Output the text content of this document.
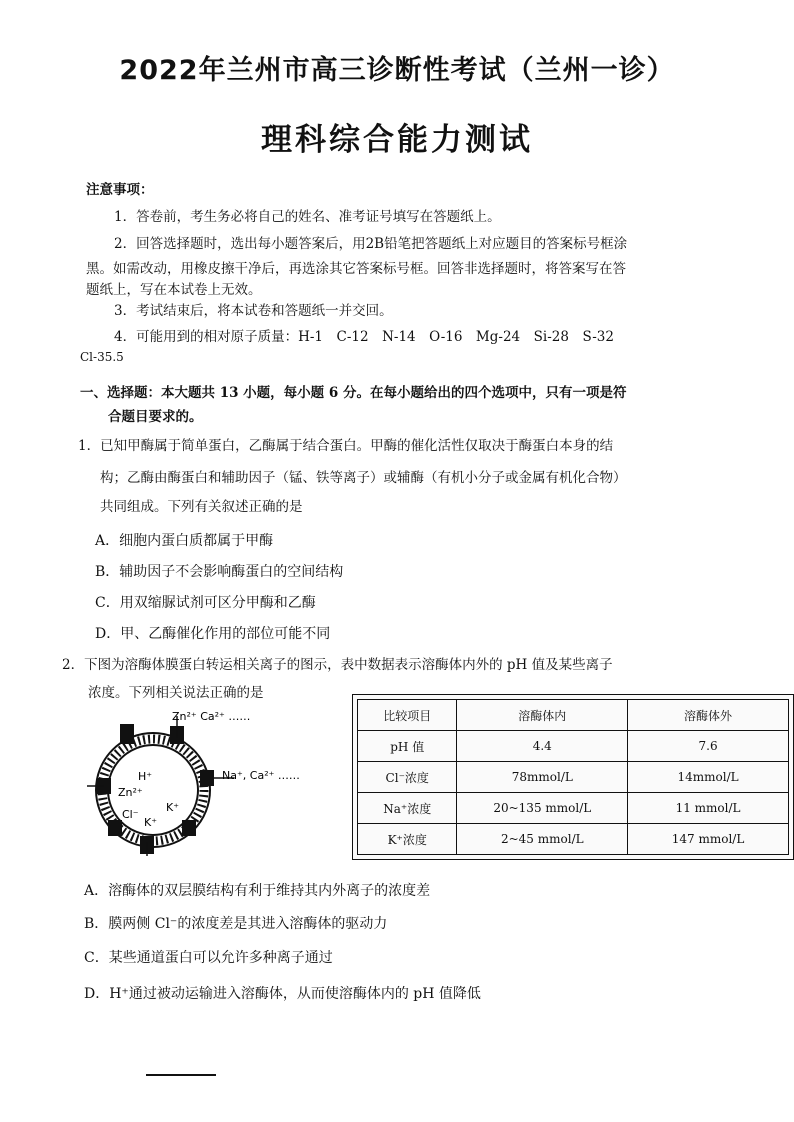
2022年兰州市高三诊断性考试（兰州一诊）
理科综合能力测试
注意事项：
1．答卷前，考生务必将自己的姓名、准考证号填写在答题纸上。
2．回答选择题时，选出每小题答案后，用2B铅笔把答题纸上对应题目的答案标号框涂
黑。如需改动，用橡皮擦干净后，再选涂其它答案标号框。回答非选择题时，将答案写在答
题纸上，写在本试卷上无效。
3．考试结束后，将本试卷和答题纸一并交回。
4．可能用到的相对原子质量：H-1　C-12　N-14　O-16　Mg-24　Si-28　S-32
Cl-35.5
一、选择题：本大题共 13 小题，每小题 6 分。在每小题给出的四个选项中，只有一项是符
合题目要求的。
1．已知甲酶属于简单蛋白，乙酶属于结合蛋白。甲酶的催化活性仅取决于酶蛋白本身的结
构；乙酶由酶蛋白和辅助因子（锰、铁等离子）或辅酶（有机小分子或金属有机化合物）
共同组成。下列有关叙述正确的是
A．细胞内蛋白质都属于甲酶
B．辅助因子不会影响酶蛋白的空间结构
C．用双缩脲试剂可区分甲酶和乙酶
D．甲、乙酶催化作用的部位可能不同
2．下图为溶酶体膜蛋白转运相关离子的图示，表中数据表示溶酶体内外的 pH 值及某些离子
浓度。下列相关说法正确的是
Zn²⁺ Ca²⁺ ……
Na⁺, Ca²⁺ ……
H⁺
Zn²⁺
K⁺
Cl⁻
K⁺
比较项目	溶酶体内	溶酶体外
pH 值	4.4	7.6
Cl⁻浓度	78mmol/L	14mmol/L
Na⁺浓度	20~135 mmol/L	11 mmol/L
K⁺浓度	2~45 mmol/L	147 mmol/L
A．溶酶体的双层膜结构有利于维持其内外离子的浓度差
B．膜两侧 Cl⁻的浓度差是其进入溶酶体的驱动力
C．某些通道蛋白可以允许多种离子通过
D．H⁺通过被动运输进入溶酶体，从而使溶酶体内的 pH 值降低
